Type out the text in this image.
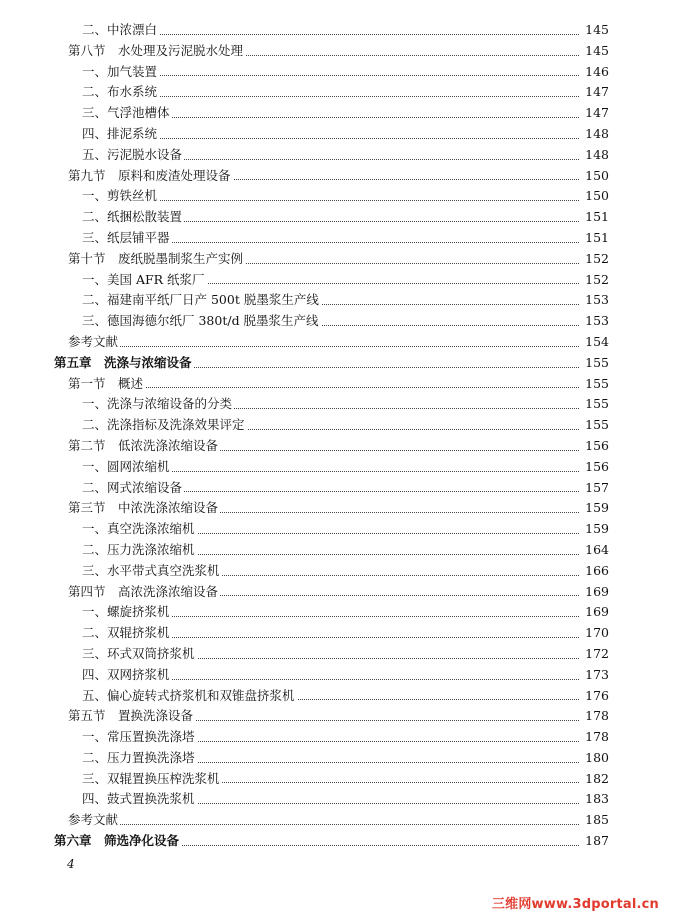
二、中浓漂白	145
第八节　水处理及污泥脱水处理	145
一、加气装置	146
二、布水系统	147
三、气浮池槽体	147
四、排泥系统	148
五、污泥脱水设备	148
第九节　原料和废渣处理设备	150
一、剪铁丝机	150
二、纸捆松散装置	151
三、纸层铺平器	151
第十节　废纸脱墨制浆生产实例	152
一、美国 AFR 纸浆厂	152
二、福建南平纸厂日产 500t 脱墨浆生产线	153
三、德国海德尔纸厂 380t/d 脱墨浆生产线	153
参考文献	154
第五章　洗涤与浓缩设备	155
第一节　概述	155
一、洗涤与浓缩设备的分类	155
二、洗涤指标及洗涤效果评定	155
第二节　低浓洗涤浓缩设备	156
一、圆网浓缩机	156
二、网式浓缩设备	157
第三节　中浓洗涤浓缩设备	159
一、真空洗涤浓缩机	159
二、压力洗涤浓缩机	164
三、水平带式真空洗浆机	166
第四节　高浓洗涤浓缩设备	169
一、螺旋挤浆机	169
二、双辊挤浆机	170
三、环式双筒挤浆机	172
四、双网挤浆机	173
五、偏心旋转式挤浆机和双锥盘挤浆机	176
第五节　置换洗涤设备	178
一、常压置换洗涤塔	178
二、压力置换洗涤塔	180
三、双辊置换压榨洗浆机	182
四、鼓式置换洗浆机	183
参考文献	185
第六章　筛选净化设备	187
4
三维网www.3dportal.cn
